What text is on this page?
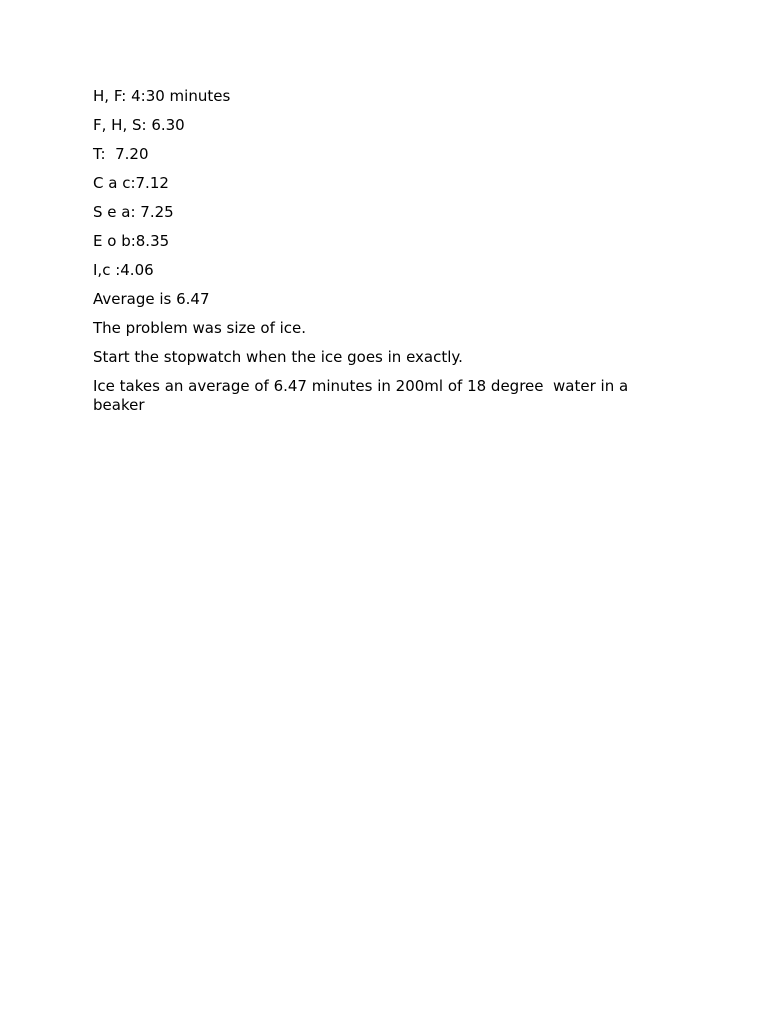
H, F: 4:30 minutes

F, H, S: 6.30

T:  7.20

C a c:7.12

S e a: 7.25

E o b:8.35

I,c :4.06

Average is 6.47

The problem was size of ice.

Start the stopwatch when the ice goes in exactly.

Ice takes an average of 6.47 minutes in 200ml of 18 degree  water in a beaker
